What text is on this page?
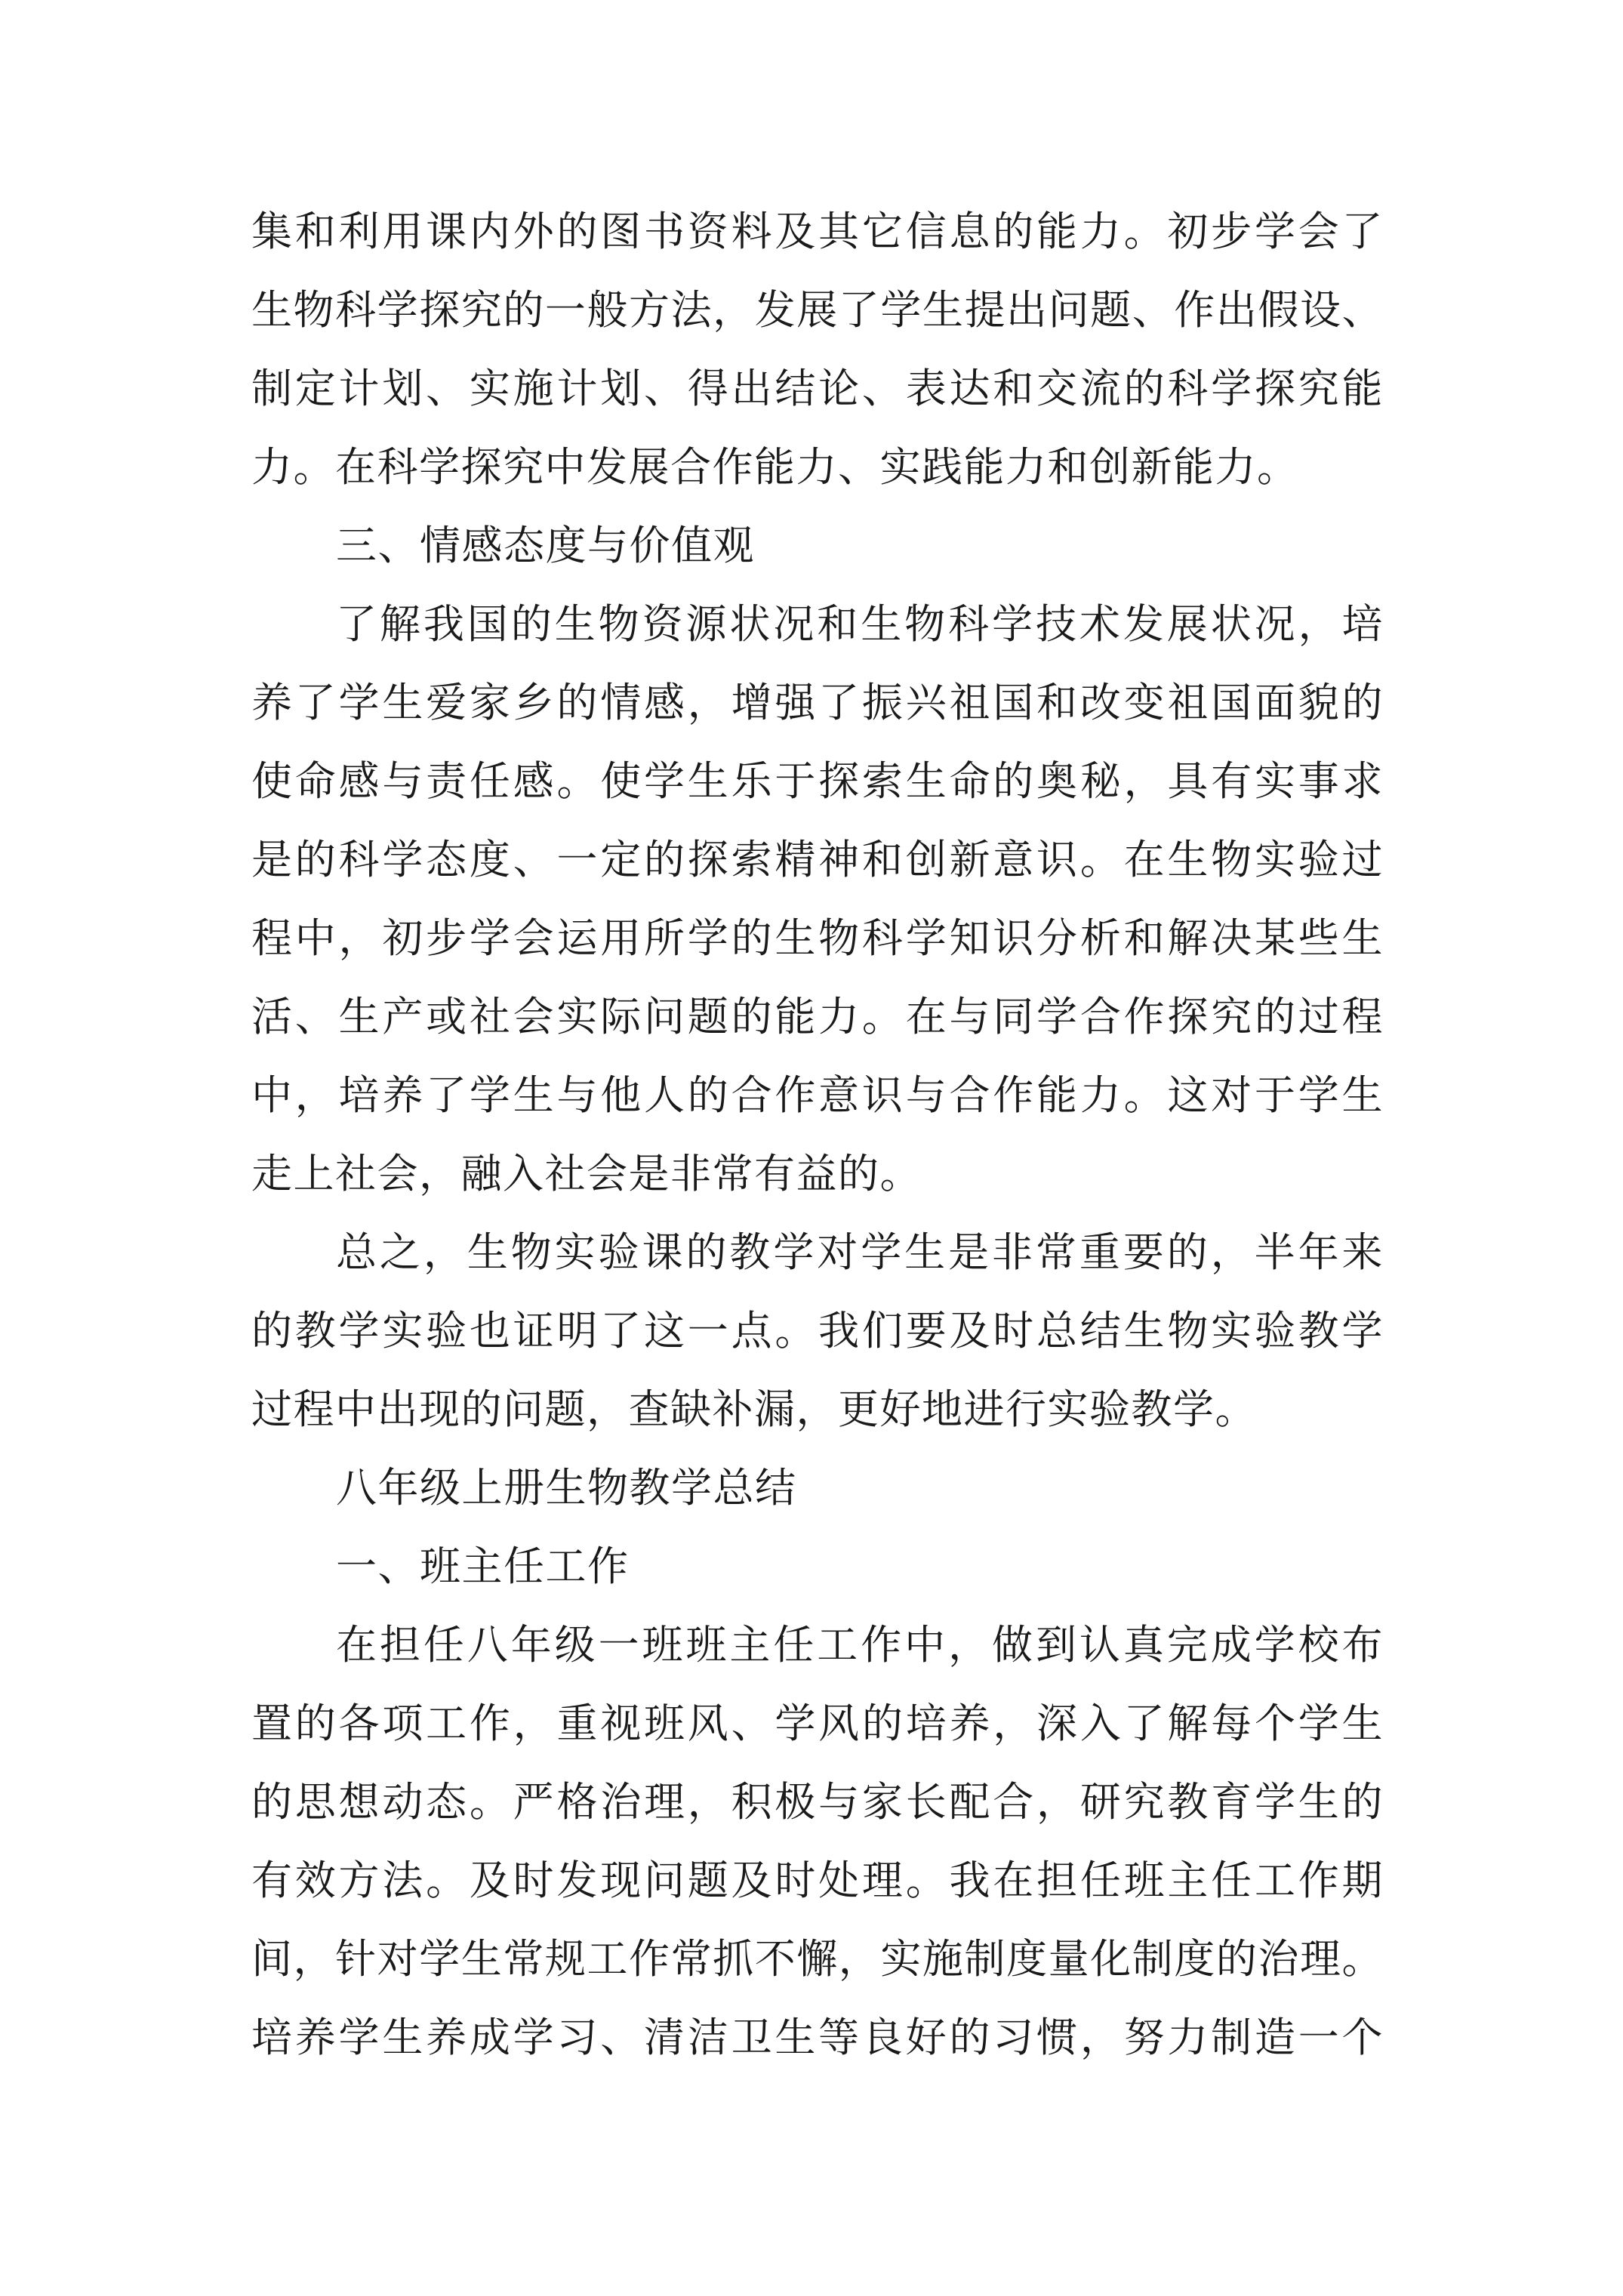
集和利用课内外的图书资料及其它信息的能力。初步学会了
生物科学探究的一般方法，发展了学生提出问题、作出假设、
制定计划、实施计划、得出结论、表达和交流的科学探究能
力。在科学探究中发展合作能力、实践能力和创新能力。
三、情感态度与价值观
了解我国的生物资源状况和生物科学技术发展状况，培
养了学生爱家乡的情感，增强了振兴祖国和改变祖国面貌的
使命感与责任感。使学生乐于探索生命的奥秘，具有实事求
是的科学态度、一定的探索精神和创新意识。在生物实验过
程中，初步学会运用所学的生物科学知识分析和解决某些生
活、生产或社会实际问题的能力。在与同学合作探究的过程
中，培养了学生与他人的合作意识与合作能力。这对于学生
走上社会，融入社会是非常有益的。
总之，生物实验课的教学对学生是非常重要的，半年来
的教学实验也证明了这一点。我们要及时总结生物实验教学
过程中出现的问题，查缺补漏，更好地进行实验教学。
八年级上册生物教学总结
一、班主任工作
在担任八年级一班班主任工作中，做到认真完成学校布
置的各项工作，重视班风、学风的培养，深入了解每个学生
的思想动态。严格治理，积极与家长配合，研究教育学生的
有效方法。及时发现问题及时处理。我在担任班主任工作期
间，针对学生常规工作常抓不懈，实施制度量化制度的治理。
培养学生养成学习、清洁卫生等良好的习惯，努力制造一个
